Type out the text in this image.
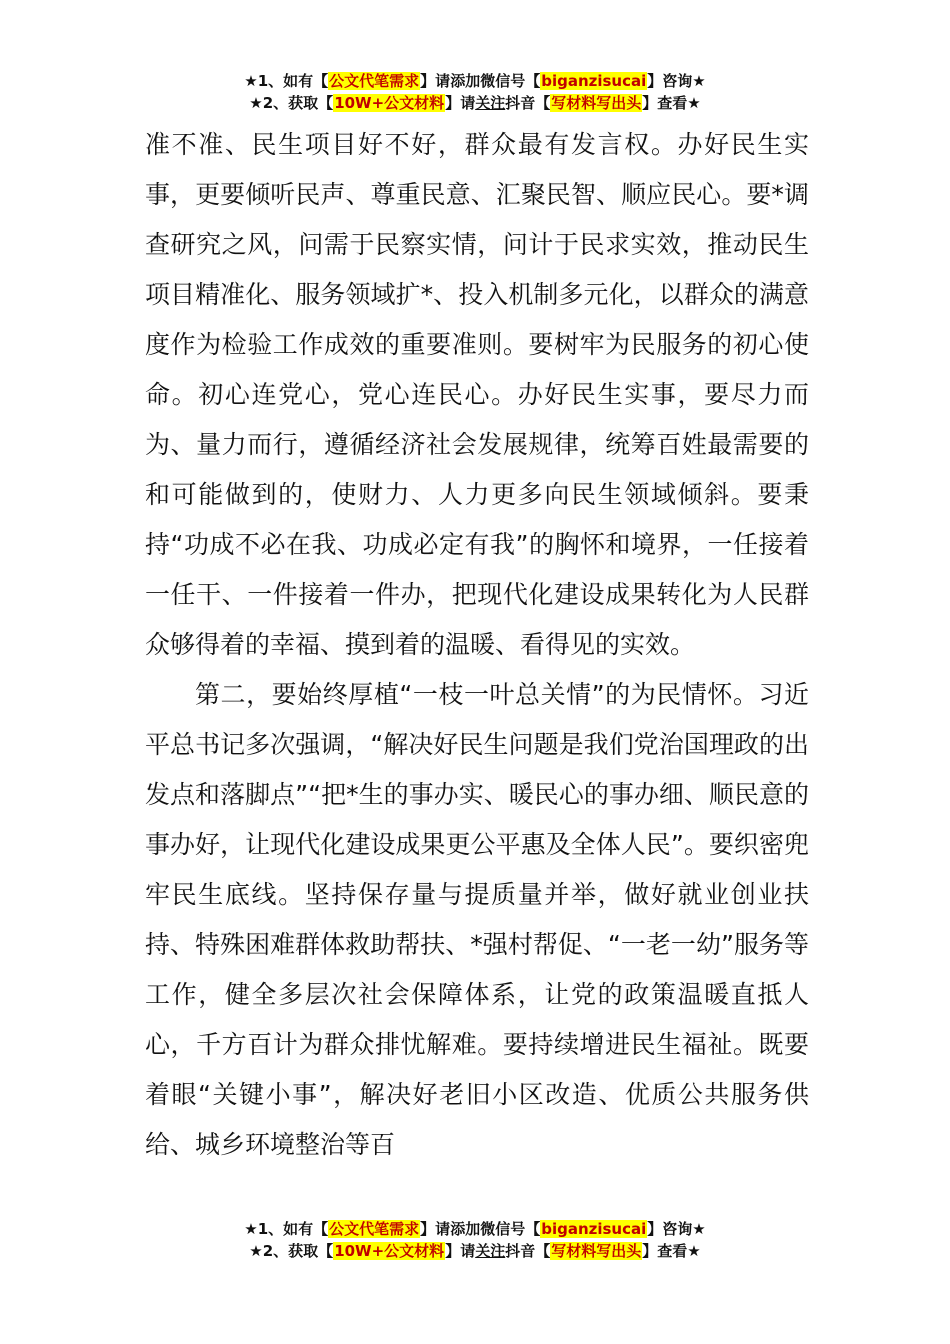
★1、如有【公文代笔需求】请添加微信号【biganzisucai】咨询★
★2、获取【10W+公文材料】请关注抖音【写材料写出头】查看★

准不准、民生项目好不好，群众最有发言权。办好民生实事，更要倾听民声、尊重民意、汇聚民智、顺应民心。要*调查研究之风，问需于民察实情，问计于民求实效，推动民生项目精准化、服务领域扩*、投入机制多元化，以群众的满意度作为检验工作成效的重要准则。要树牢为民服务的初心使命。初心连党心，党心连民心。办好民生实事，要尽力而为、量力而行，遵循经济社会发展规律，统筹百姓最需要的和可能做到的，使财力、人力更多向民生领域倾斜。要秉持“功成不必在我、功成必定有我”的胸怀和境界，一任接着一任干、一件接着一件办，把现代化建设成果转化为人民群众够得着的幸福、摸到着的温暖、看得见的实效。

第二，要始终厚植“一枝一叶总关情”的为民情怀。习近平总书记多次强调，“解决好民生问题是我们党治国理政的出发点和落脚点”“把*生的事办实、暖民心的事办细、顺民意的事办好，让现代化建设成果更公平惠及全体人民”。要织密兜牢民生底线。坚持保存量与提质量并举，做好就业创业扶持、特殊困难群体救助帮扶、*强村帮促、“一老一幼”服务等工作，健全多层次社会保障体系，让党的政策温暖直抵人心，千方百计为群众排忧解难。要持续增进民生福祉。既要着眼“关键小事”，解决好老旧小区改造、优质公共服务供给、城乡环境整治等百

★1、如有【公文代笔需求】请添加微信号【biganzisucai】咨询★
★2、获取【10W+公文材料】请关注抖音【写材料写出头】查看★
